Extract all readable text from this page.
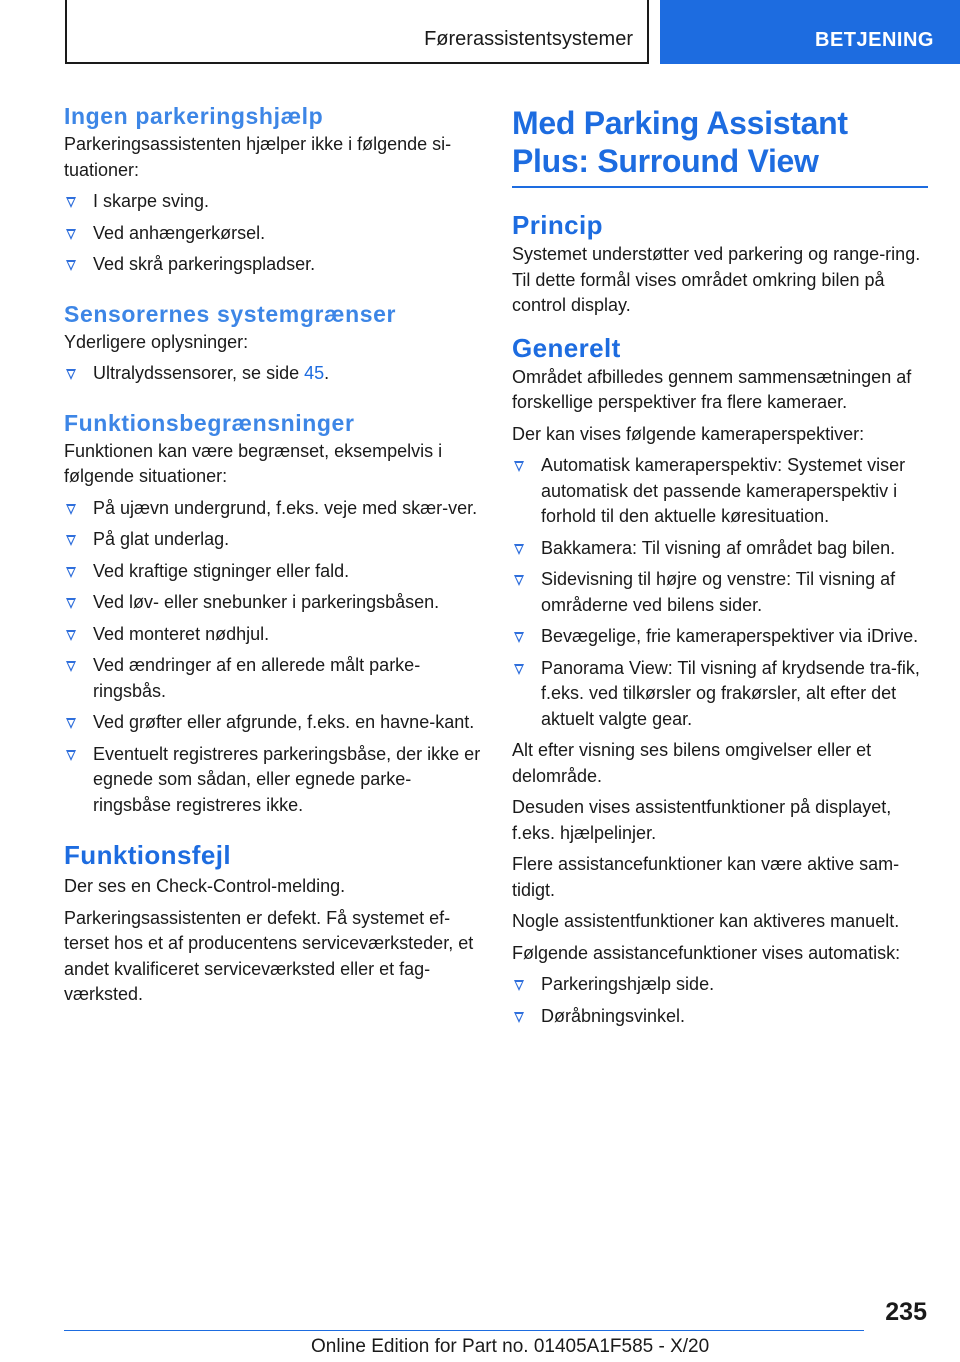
Førerassistentsystemer	BETJENING
Ingen parkeringshjælp

Parkeringsassistenten hjælper ikke i følgende si‐tuationer:

I skarpe sving.
Ved anhængerkørsel.
Ved skrå parkeringspladser.
Sensorernes systemgrænser

Yderligere oplysninger:

Ultralydssensorer, se side 45.
Funktionsbegrænsninger

Funktionen kan være begrænset, eksempelvis i følgende situationer:

På ujævn undergrund, f.eks. veje med skær‐ver.
På glat underlag.
Ved kraftige stigninger eller fald.
Ved løv- eller snebunker i parkeringsbåsen.
Ved monteret nødhjul.
Ved ændringer af en allerede målt parke‐ringsbås.
Ved grøfter eller afgrunde, f.eks. en havne‐kant.
Eventuelt registreres parkeringsbåse, der ikke er egnede som sådan, eller egnede parke‐ringsbåse registreres ikke.
Funktionsfejl

Der ses en Check-Control-melding.

Parkeringsassistenten er defekt. Få systemet ef‐terset hos et af producentens serviceværksteder, et andet kvalificeret serviceværksted eller et fag‐værksted.

Med Parking Assistant Plus: Surround View
Princip

Systemet understøtter ved parkering og range‐ring. Til dette formål vises området omkring bilen på control display.

Generelt

Området afbilledes gennem sammensætningen af forskellige perspektiver fra flere kameraer.

Der kan vises følgende kameraperspektiver:

Automatisk kameraperspektiv: Systemet viser automatisk det passende kameraperspektiv i forhold til den aktuelle køresituation.
Bakkamera: Til visning af området bag bilen.
Sidevisning til højre og venstre: Til visning af områderne ved bilens sider.
Bevægelige, frie kameraperspektiver via iDrive.
Panorama View: Til visning af krydsende tra‐fik, f.eks. ved tilkørsler og frakørsler, alt efter det aktuelt valgte gear.

Alt efter visning ses bilens omgivelser eller et delområde.

Desuden vises assistentfunktioner på displayet, f.eks. hjælpelinjer.

Flere assistancefunktioner kan være aktive sam‐tidigt.

Nogle assistentfunktioner kan aktiveres manuelt.

Følgende assistancefunktioner vises automatisk:

Parkeringshjælp side.
Døråbningsvinkel.
235
Online Edition for Part no. 01405A1F585 - X/20
